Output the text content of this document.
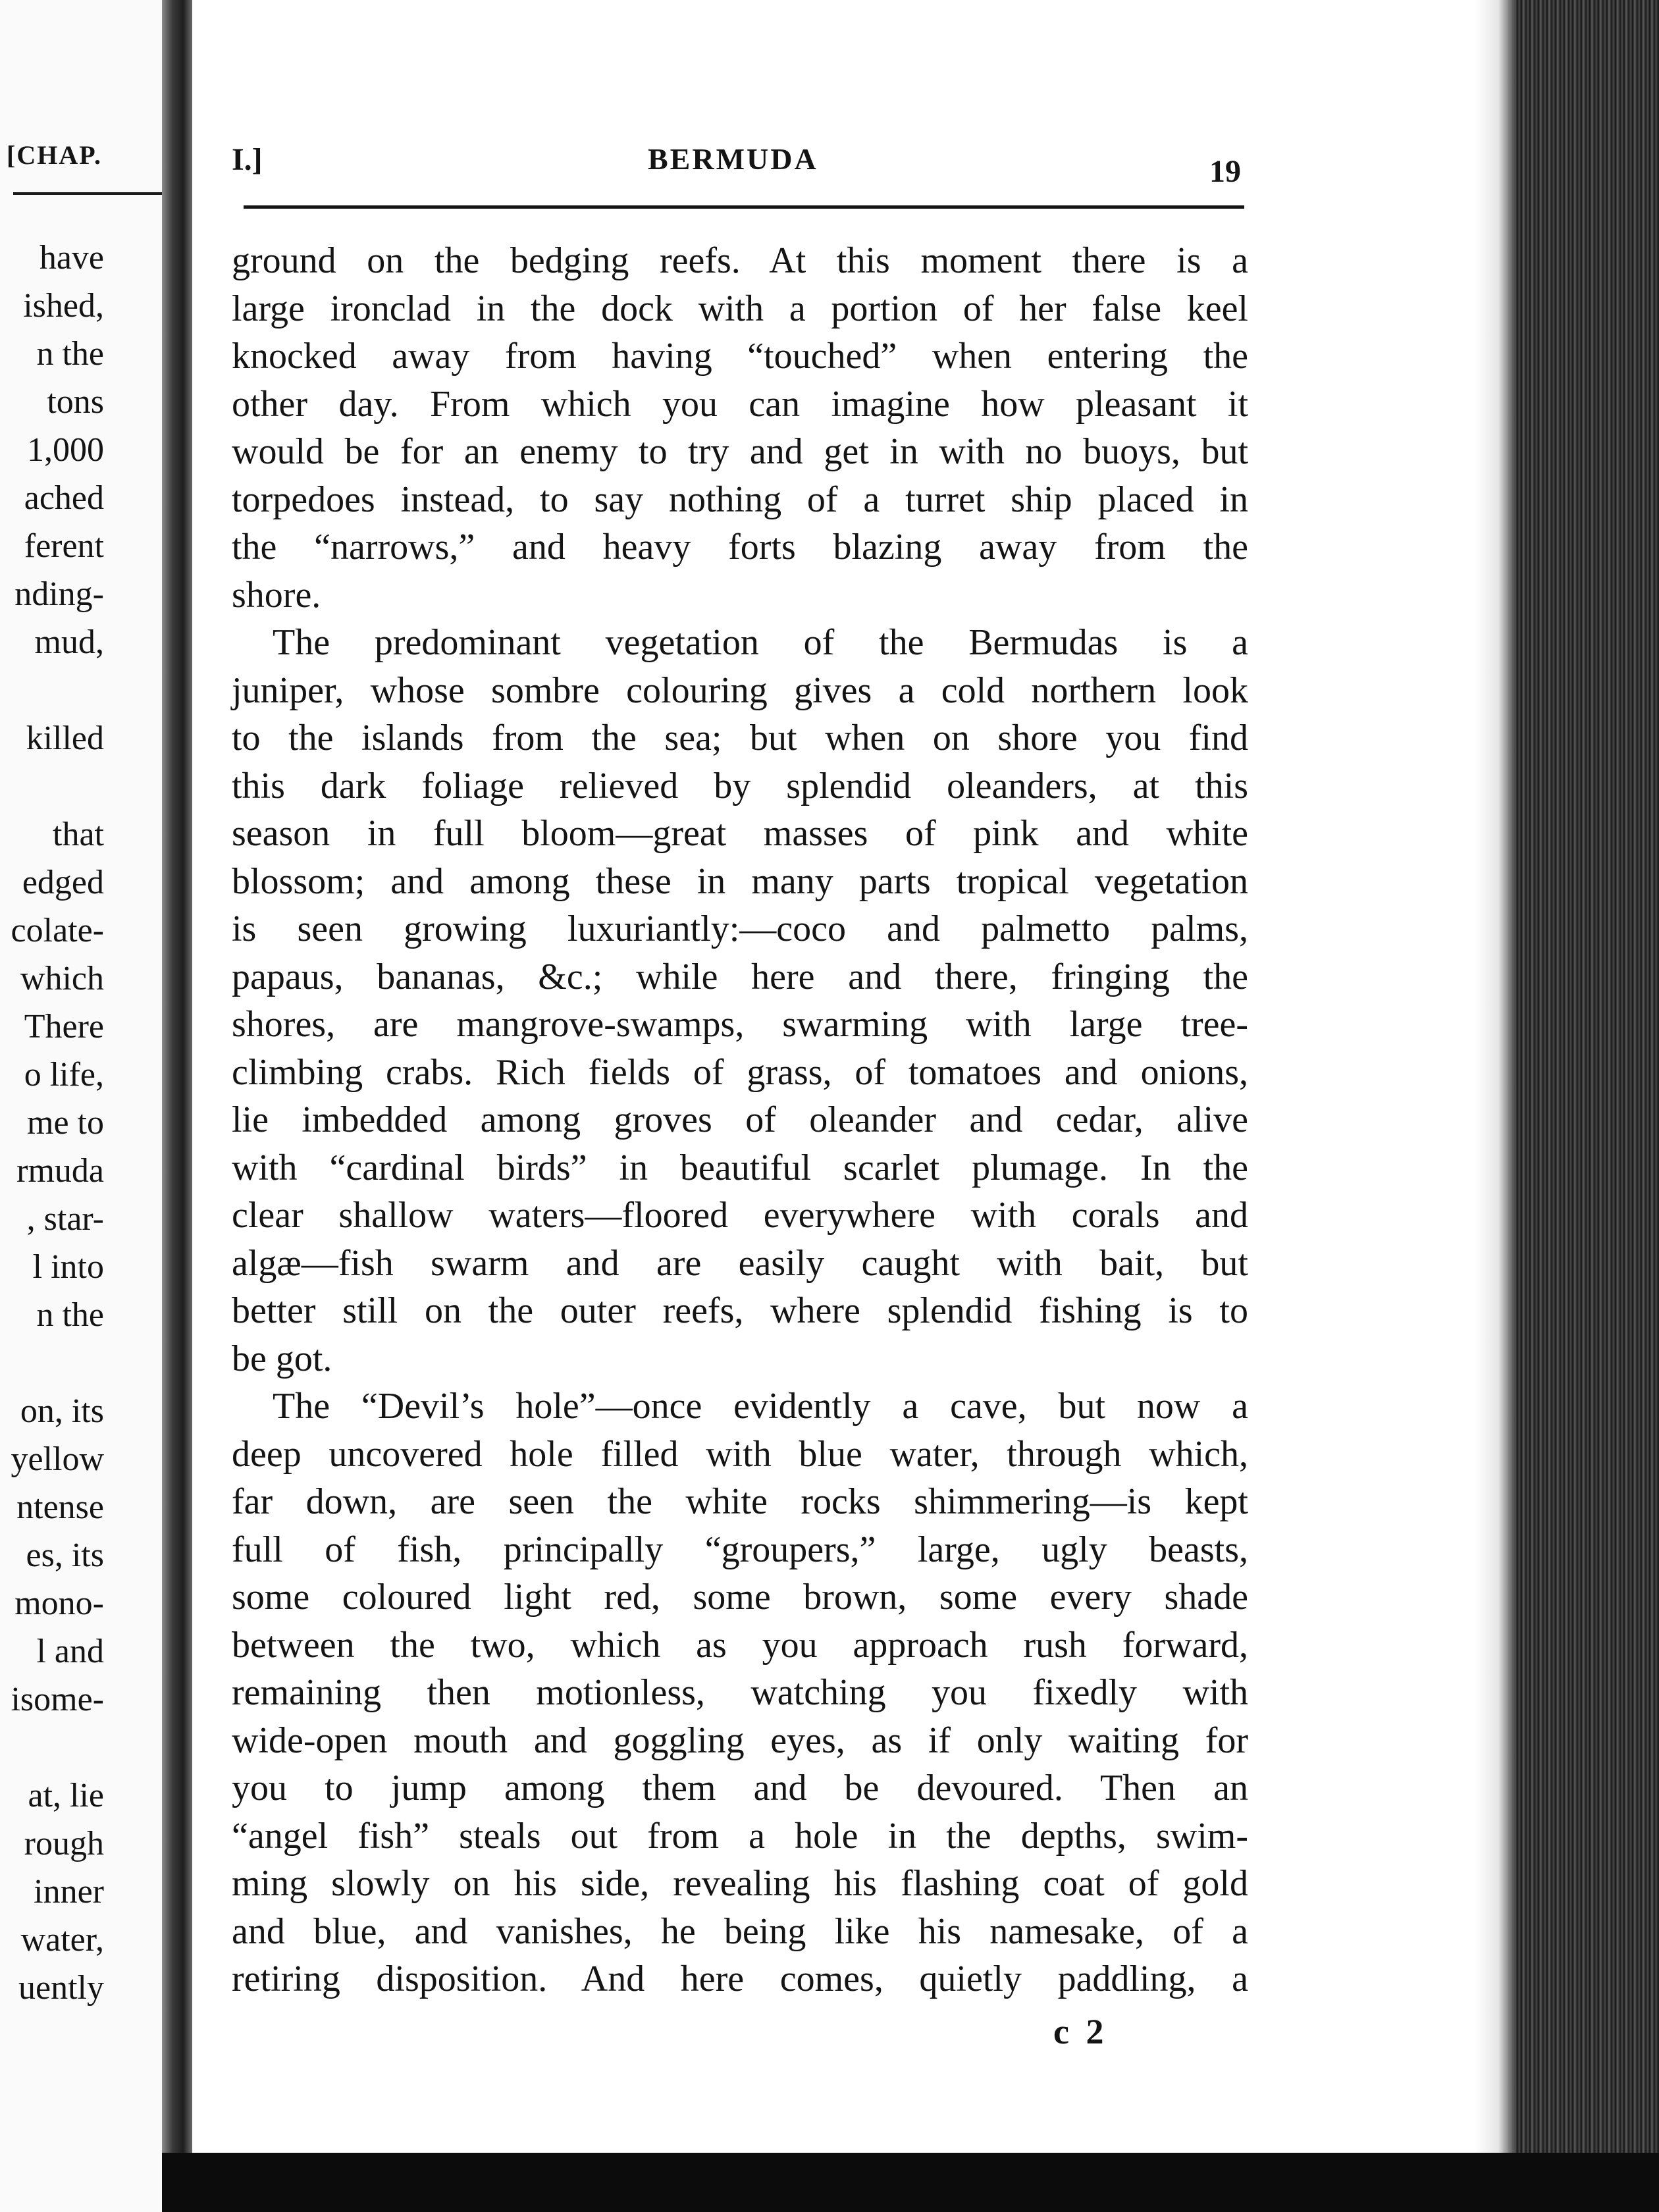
[CHAP.
have
ished,
n the
tons
1,000
ached
ferent
nding-
mud,
killed
that
edged
colate-
which
There
o life,
me to
rmuda
, star-
l into
n the
on, its
yellow
ntense
es, its
mono-
l and
isome-
at, lie
rough
inner
water,
uently
I.]	BERMUDA	19
ground on the bedging reefs. At this moment there is a
large ironclad in the dock with a portion of her false keel
knocked away from having “touched” when entering the
other day. From which you can imagine how pleasant it
would be for an enemy to try and get in with no buoys, but
torpedoes instead, to say nothing of a turret ship placed in
the “narrows,” and heavy forts blazing away from the
shore.
The predominant vegetation of the Bermudas is a
juniper, whose sombre colouring gives a cold northern look
to the islands from the sea; but when on shore you find
this dark foliage relieved by splendid oleanders, at this
season in full bloom—great masses of pink and white
blossom; and among these in many parts tropical vegetation
is seen growing luxuriantly:—coco and palmetto palms,
papaus, bananas, &c.; while here and there, fringing the
shores, are mangrove-swamps, swarming with large tree-
climbing crabs. Rich fields of grass, of tomatoes and onions,
lie imbedded among groves of oleander and cedar, alive
with “cardinal birds” in beautiful scarlet plumage. In the
clear shallow waters—floored everywhere with corals and
algæ—fish swarm and are easily caught with bait, but
better still on the outer reefs, where splendid fishing is to
be got.
The “Devil’s hole”—once evidently a cave, but now a
deep uncovered hole filled with blue water, through which,
far down, are seen the white rocks shimmering—is kept
full of fish, principally “groupers,” large, ugly beasts,
some coloured light red, some brown, some every shade
between the two, which as you approach rush forward,
remaining then motionless, watching you fixedly with
wide-open mouth and goggling eyes, as if only waiting for
you to jump among them and be devoured. Then an
“angel fish” steals out from a hole in the depths, swim-
ming slowly on his side, revealing his flashing coat of gold
and blue, and vanishes, he being like his namesake, of a
retiring disposition. And here comes, quietly paddling, a
c 2
